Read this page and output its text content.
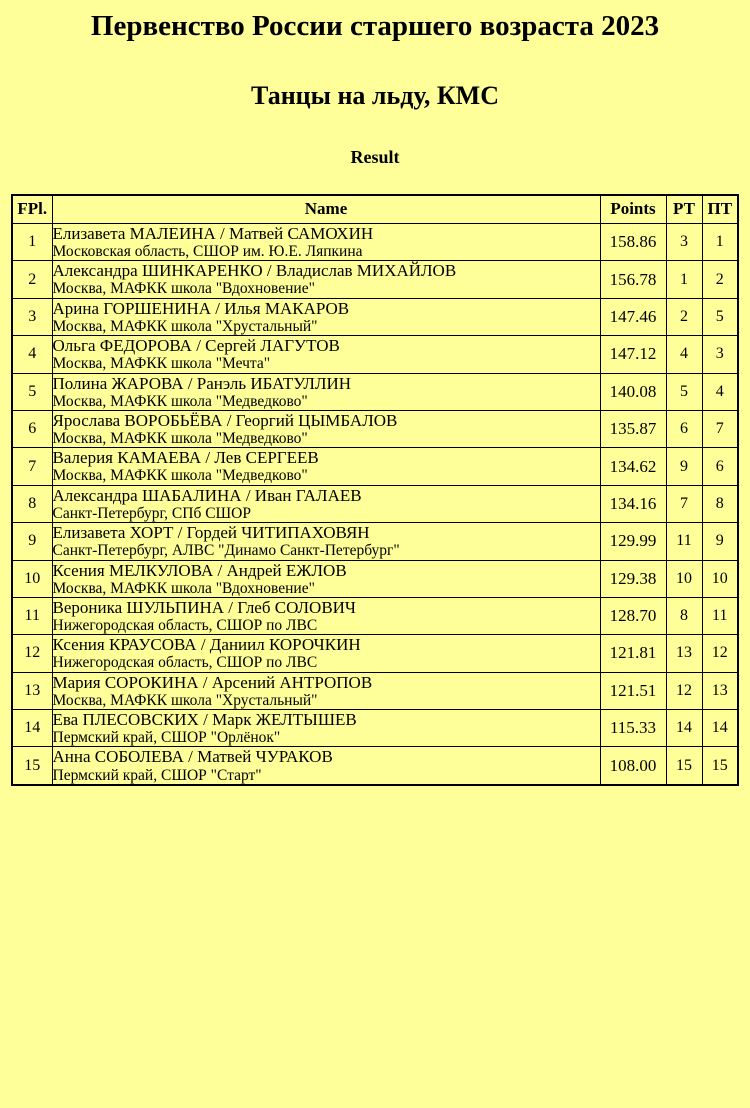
Первенство России старшего возраста 2023
Танцы на льду, КМС
Result
FPl.	Name	Points	РТ	ПТ
1	Елизавета МАЛЕИНА / Матвей САМОХИН
Московская область, СШОР им. Ю.Е. Ляпкина	158.86	3	1
2	Александра ШИНКАРЕНКО / Владислав МИХАЙЛОВ
Москва, МАФКК школа "Вдохновение"	156.78	1	2
3	Арина ГОРШЕНИНА / Илья МАКАРОВ
Москва, МАФКК школа "Хрустальный"	147.46	2	5
4	Ольга ФЕДОРОВА / Сергей ЛАГУТОВ
Москва, МАФКК школа "Мечта"	147.12	4	3
5	Полина ЖАРОВА / Ранэль ИБАТУЛЛИН
Москва, МАФКК школа "Медведково"	140.08	5	4
6	Ярослава ВОРОБЬЁВА / Георгий ЦЫМБАЛОВ
Москва, МАФКК школа "Медведково"	135.87	6	7
7	Валерия КАМАЕВА / Лев СЕРГЕЕВ
Москва, МАФКК школа "Медведково"	134.62	9	6
8	Александра ШАБАЛИНА / Иван ГАЛАЕВ
Санкт-Петербург, СПб СШОР	134.16	7	8
9	Елизавета ХОРТ / Гордей ЧИТИПАХОВЯН
Санкт-Петербург, АЛВС "Динамо Санкт-Петербург"	129.99	11	9
10	Ксения МЕЛКУЛОВА / Андрей ЕЖЛОВ
Москва, МАФКК школа "Вдохновение"	129.38	10	10
11	Вероника ШУЛЬПИНА / Глеб СОЛОВИЧ
Нижегородская область, СШОР по ЛВС	128.70	8	11
12	Ксения КРАУСОВА / Даниил КОРОЧКИН
Нижегородская область, СШОР по ЛВС	121.81	13	12
13	Мария СОРОКИНА / Арсений АНТРОПОВ
Москва, МАФКК школа "Хрустальный"	121.51	12	13
14	Ева ПЛЕСОВСКИХ / Марк ЖЕЛТЫШЕВ
Пермский край, СШОР "Орлёнок"	115.33	14	14
15	Анна СОБОЛЕВА / Матвей ЧУРАКОВ
Пермский край, СШОР "Старт"	108.00	15	15
